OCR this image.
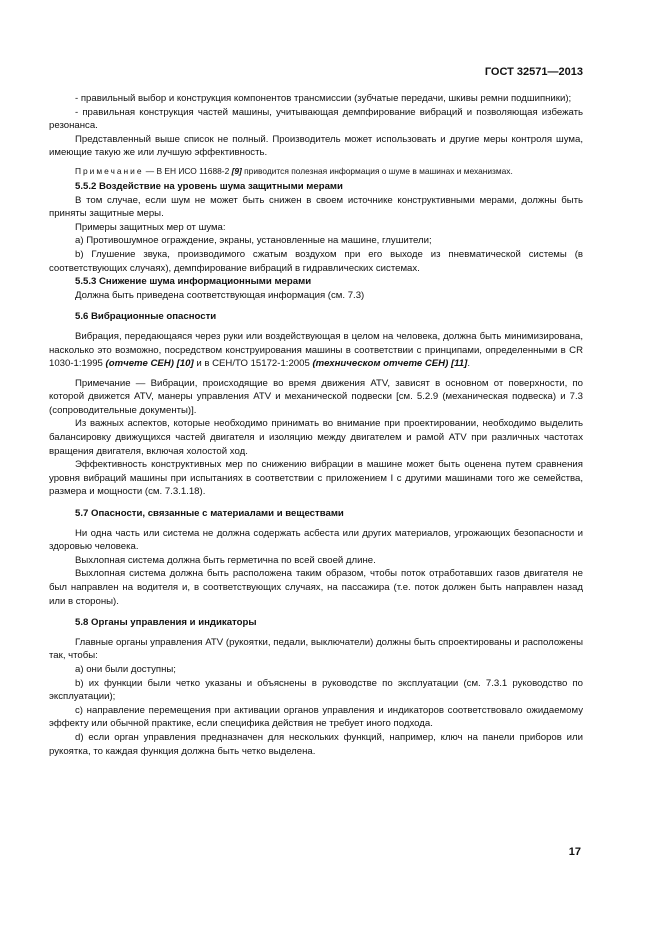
ГОСТ 32571—2013

- правильный выбор и конструкция компонентов трансмиссии (зубчатые передачи, шкивы ремни подшипники);

- правильная конструкция частей машины, учитывающая демпфирование вибраций и позволяющая избежать резонанса.

Представленный выше список не полный. Производитель может использовать и другие меры контроля шума, имеющие такую же или лучшую эффективность.

Примечание — В ЕН ИСО 11688-2 [9] приводится полезная информация о шуме в машинах и механизмах.

5.5.2 Воздействие на уровень шума защитными мерами

В том случае, если шум не может быть снижен в своем источнике конструктивными мерами, должны быть приняты защитные меры.

Примеры защитных мер от шума:

a) Противошумное ограждение, экраны, установленные на машине, глушители;

b) Глушение звука, производимого сжатым воздухом при его выходе из пневматической системы (в соответствующих случаях), демпфирование вибраций в гидравлических системах.

5.5.3 Снижение шума информационными мерами

Должна быть приведена соответствующая информация (см. 7.3)

5.6 Вибрационные опасности

Вибрация, передающаяся через руки или воздействующая в целом на человека, должна быть минимизирована, насколько это возможно, посредством конструирования машины в соответствии с принципами, определенными в CR 1030-1:1995 (отчете СЕН) [10] и в СЕН/ТО 15172-1:2005 (техническом отчете СЕН) [11].

Примечание — Вибрации, происходящие во время движения ATV, зависят в основном от поверхности, по которой движется ATV, манеры управления ATV и механической подвески [см. 5.2.9 (механическая подвеска) и 7.3 (сопроводительные документы)].

Из важных аспектов, которые необходимо принимать во внимание при проектировании, необходимо выделить балансировку движущихся частей двигателя и изоляцию между двигателем и рамой ATV при различных частотах вращения двигателя, включая холостой ход.

Эффективность конструктивных мер по снижению вибрации в машине может быть оценена путем сравнения уровня вибраций машины при испытаниях в соответствии с приложением I с другими машинами того же семейства, размера и мощности (см. 7.3.1.18).

5.7 Опасности, связанные с материалами и веществами

Ни одна часть или система не должна содержать асбеста или других материалов, угрожающих безопасности и здоровью человека.

Выхлопная система должна быть герметична по всей своей длине.

Выхлопная система должна быть расположена таким образом, чтобы поток отработавших газов двигателя не был направлен на водителя и, в соответствующих случаях, на пассажира (т.е. поток должен быть направлен назад или в стороны).

5.8 Органы управления и индикаторы

Главные органы управления ATV (рукоятки, педали, выключатели) должны быть спроектированы и расположены так, чтобы:

a) они были доступны;

b) их функции были четко указаны и объяснены в руководстве по эксплуатации (см. 7.3.1 руководство по эксплуатации);

c) направление перемещения при активации органов управления и индикаторов соответствовало ожидаемому эффекту или обычной практике, если специфика действия не требует иного подхода.

d) если орган управления предназначен для нескольких функций, например, ключ на панели приборов или рукоятка, то каждая функция должна быть четко выделена.

17
